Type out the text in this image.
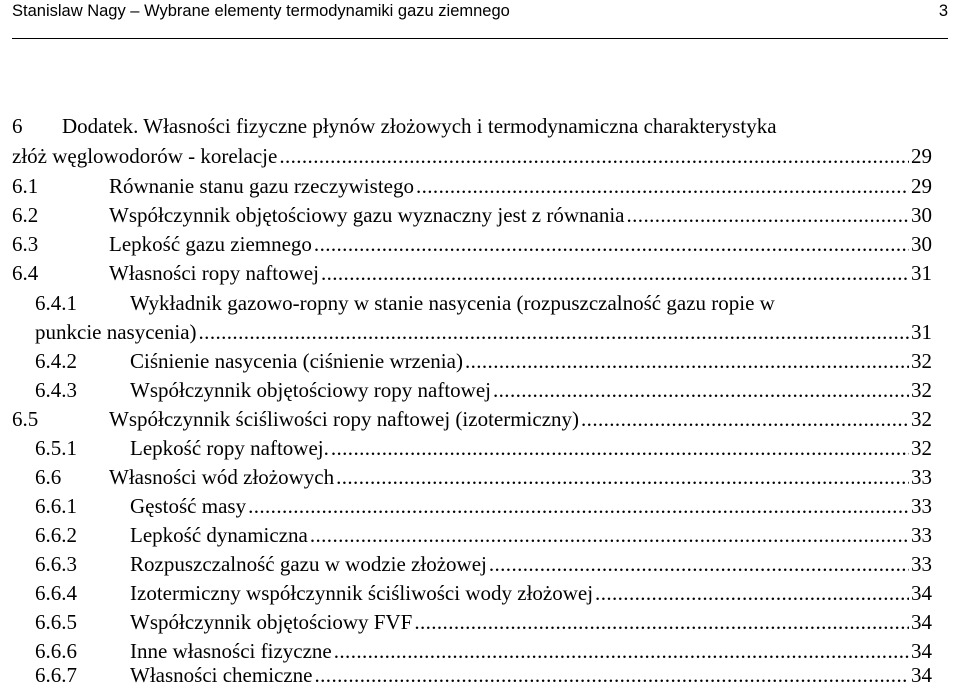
Stanislaw Nagy – Wybrane elementy termodynamiki gazu ziemnego	3
6 Dodatek. Własności fizyczne płynów złożowych i termodynamiczna charakterystyka
złóż węglowodorów - korelacje .....	29
6.1	Równanie stanu gazu rzeczywistego .....	29
6.2	Współczynnik objętościowy gazu wyznaczny jest z równania .....	30
6.3	Lepkość gazu ziemnego .....	30
6.4	Własności ropy naftowej .....	31
6.4.1	Wykładnik gazowo-ropny w stanie nasycenia (rozpuszczalność gazu ropie w
punkcie nasycenia) .....	31
6.4.2	Ciśnienie nasycenia (ciśnienie wrzenia) .....	32
6.4.3	Współczynnik objętościowy ropy naftowej .....	32
6.5	Współczynnik ściśliwości ropy naftowej (izotermiczny) .....	32
6.5.1	Lepkość ropy naftowej. .....	32
6.6 Własności wód złożowych .....	33
6.6.1	Gęstość masy .....	33
6.6.2	Lepkość dynamiczna .....	33
6.6.3	Rozpuszczalność gazu w wodzie złożowej .....	33
6.6.4	Izotermiczny współczynnik ściśliwości wody złożowej .....	34
6.6.5	Współczynnik objętościowy FVF .....	34
6.6.6	Inne własności fizyczne .....	34
6.6.7	Własności chemiczne .....	34
